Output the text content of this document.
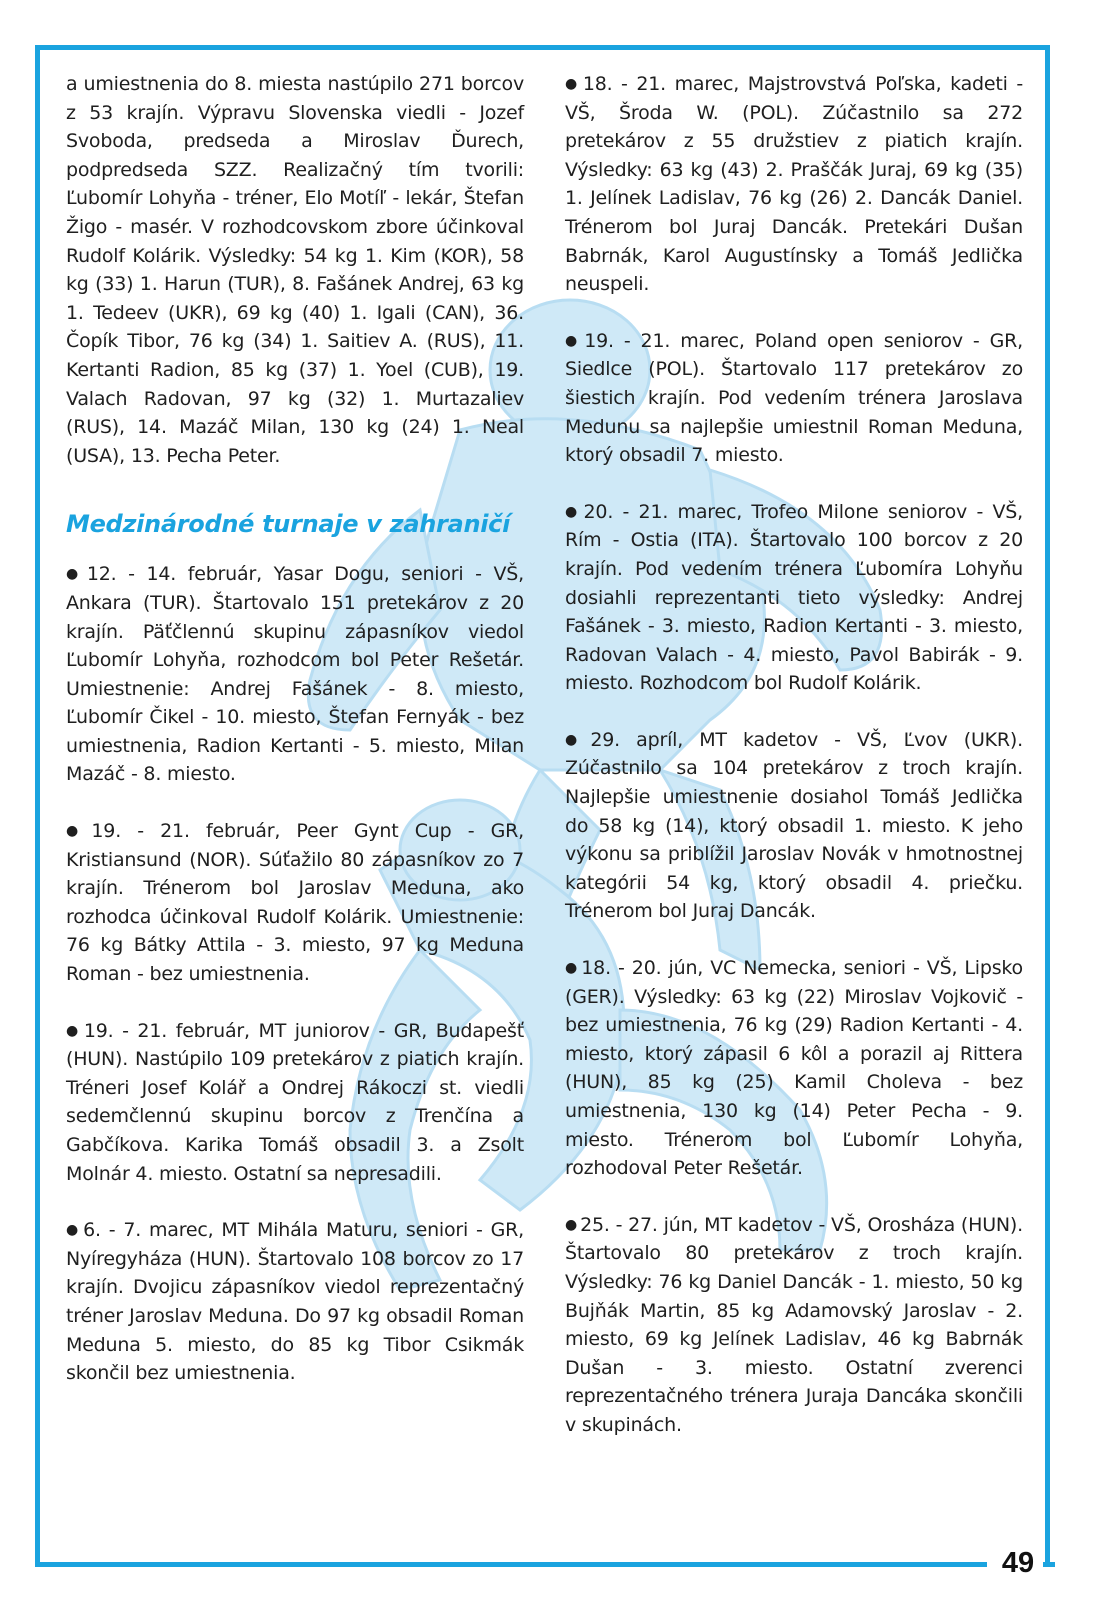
49

a umiestnenia do 8. miesta nastúpilo 271 borcov z 53 krajín. Výpravu Slovenska viedli - Jozef Svoboda, predseda a Miroslav Ďurech, podpredseda SZZ. Realizačný tím tvorili: Ľubomír Lohyňa - tréner, Elo Motíľ - lekár, Štefan Žigo - masér. V rozhodcovskom zbore účinkoval Rudolf Kolárik. Výsledky: 54 kg 1. Kim (KOR), 58 kg (33) 1. Harun (TUR), 8. Fašánek Andrej, 63 kg 1. Tedeev (UKR), 69 kg (40) 1. Igali (CAN), 36. Čopík Tibor, 76 kg (34) 1. Saitiev A. (RUS), 11. Kertanti Radion, 85 kg (37) 1. Yoel (CUB), 19. Valach Radovan, 97 kg (32) 1. Murtazaliev (RUS), 14. Mazáč Milan, 130 kg (24) 1. Neal (USA), 13. Pecha Peter.

Medzinárodné turnaje v zahraničí

● 12. - 14. február, Yasar Dogu, seniori - VŠ, Ankara (TUR). Štartovalo 151 pretekárov z 20 krajín. Päťčlennú skupinu zápasníkov viedol Ľubomír Lohyňa, rozhodcom bol Peter Rešetár. Umiestnenie: Andrej Fašánek - 8. miesto, Ľubomír Čikel - 10. miesto, Štefan Fernyák - bez umiestnenia, Radion Kertanti - 5. miesto, Milan Mazáč - 8. miesto.

● 19. - 21. február, Peer Gynt Cup - GR, Kristiansund (NOR). Súťažilo 80 zápasníkov zo 7 krajín. Trénerom bol Jaroslav Meduna, ako rozhodca účinkoval Rudolf Kolárik. Umiestnenie: 76 kg Bátky Attila - 3. miesto, 97 kg Meduna Roman - bez umiestnenia.

● 19. - 21. február, MT juniorov - GR, Budapešť (HUN). Nastúpilo 109 pretekárov z piatich krajín. Tréneri Josef Kolář a Ondrej Rákoczi st. viedli sedemčlennú skupinu borcov z Trenčína a Gabčíkova. Karika Tomáš obsadil 3. a Zsolt Molnár 4. miesto. Ostatní sa nepresadili.

● 6. - 7. marec, MT Mihála Maturu, seniori - GR, Nyíregyháza (HUN). Štartovalo 108 borcov zo 17 krajín. Dvojicu zápasníkov viedol reprezentačný tréner Jaroslav Meduna. Do 97 kg obsadil Roman Meduna 5. miesto, do 85 kg Tibor Csikmák skončil bez umiestnenia.

● 18. - 21. marec, Majstrovstvá Poľska, kadeti - VŠ, Šroda W. (POL). Zúčastnilo sa 272 pretekárov z 55 družstiev z piatich krajín. Výsledky: 63 kg (43) 2. Praščák Juraj, 69 kg (35) 1. Jelínek Ladislav, 76 kg (26) 2. Dancák Daniel. Trénerom bol Juraj Dancák. Pretekári Dušan Babrnák, Karol Augustínsky a Tomáš Jedlička neuspeli.

● 19. - 21. marec, Poland open seniorov - GR, Siedlce (POL). Štartovalo 117 pretekárov zo šiestich krajín. Pod vedením trénera Jaroslava Medunu sa najlepšie umiestnil Roman Meduna, ktorý obsadil 7. miesto.

● 20. - 21. marec, Trofeo Milone seniorov - VŠ, Rím - Ostia (ITA). Štartovalo 100 borcov z 20 krajín. Pod vedením trénera Ľubomíra Lohyňu dosiahli reprezentanti tieto výsledky: Andrej Fašánek - 3. miesto, Radion Kertanti - 3. miesto, Radovan Valach - 4. miesto, Pavol Babirák - 9. miesto. Rozhodcom bol Rudolf Kolárik.

● 29. apríl, MT kadetov - VŠ, Ľvov (UKR). Zúčastnilo sa 104 pretekárov z troch krajín. Najlepšie umiestnenie dosiahol Tomáš Jedlička do 58 kg (14), ktorý obsadil 1. miesto. K jeho výkonu sa priblížil Jaroslav Novák v hmotnostnej kategórii 54 kg, ktorý obsadil 4. priečku. Trénerom bol Juraj Dancák.

● 18. - 20. jún, VC Nemecka, seniori - VŠ, Lipsko (GER). Výsledky: 63 kg (22) Miroslav Vojkovič - bez umiestnenia, 76 kg (29) Radion Kertanti - 4. miesto, ktorý zápasil 6 kôl a porazil aj Rittera (HUN), 85 kg (25) Kamil Choleva - bez umiestnenia, 130 kg (14) Peter Pecha - 9. miesto. Trénerom bol Ľubomír Lohyňa, rozhodoval Peter Rešetár.

● 25. - 27. jún, MT kadetov - VŠ, Orosháza (HUN). Štartovalo 80 pretekárov z troch krajín. Výsledky: 76 kg Daniel Dancák - 1. miesto, 50 kg Bujňák Martin, 85 kg Adamovský Jaroslav - 2. miesto, 69 kg Jelínek Ladislav, 46 kg Babrnák Dušan - 3. miesto. Ostatní zverenci reprezentačného trénera Juraja Dancáka skončili v skupinách.
